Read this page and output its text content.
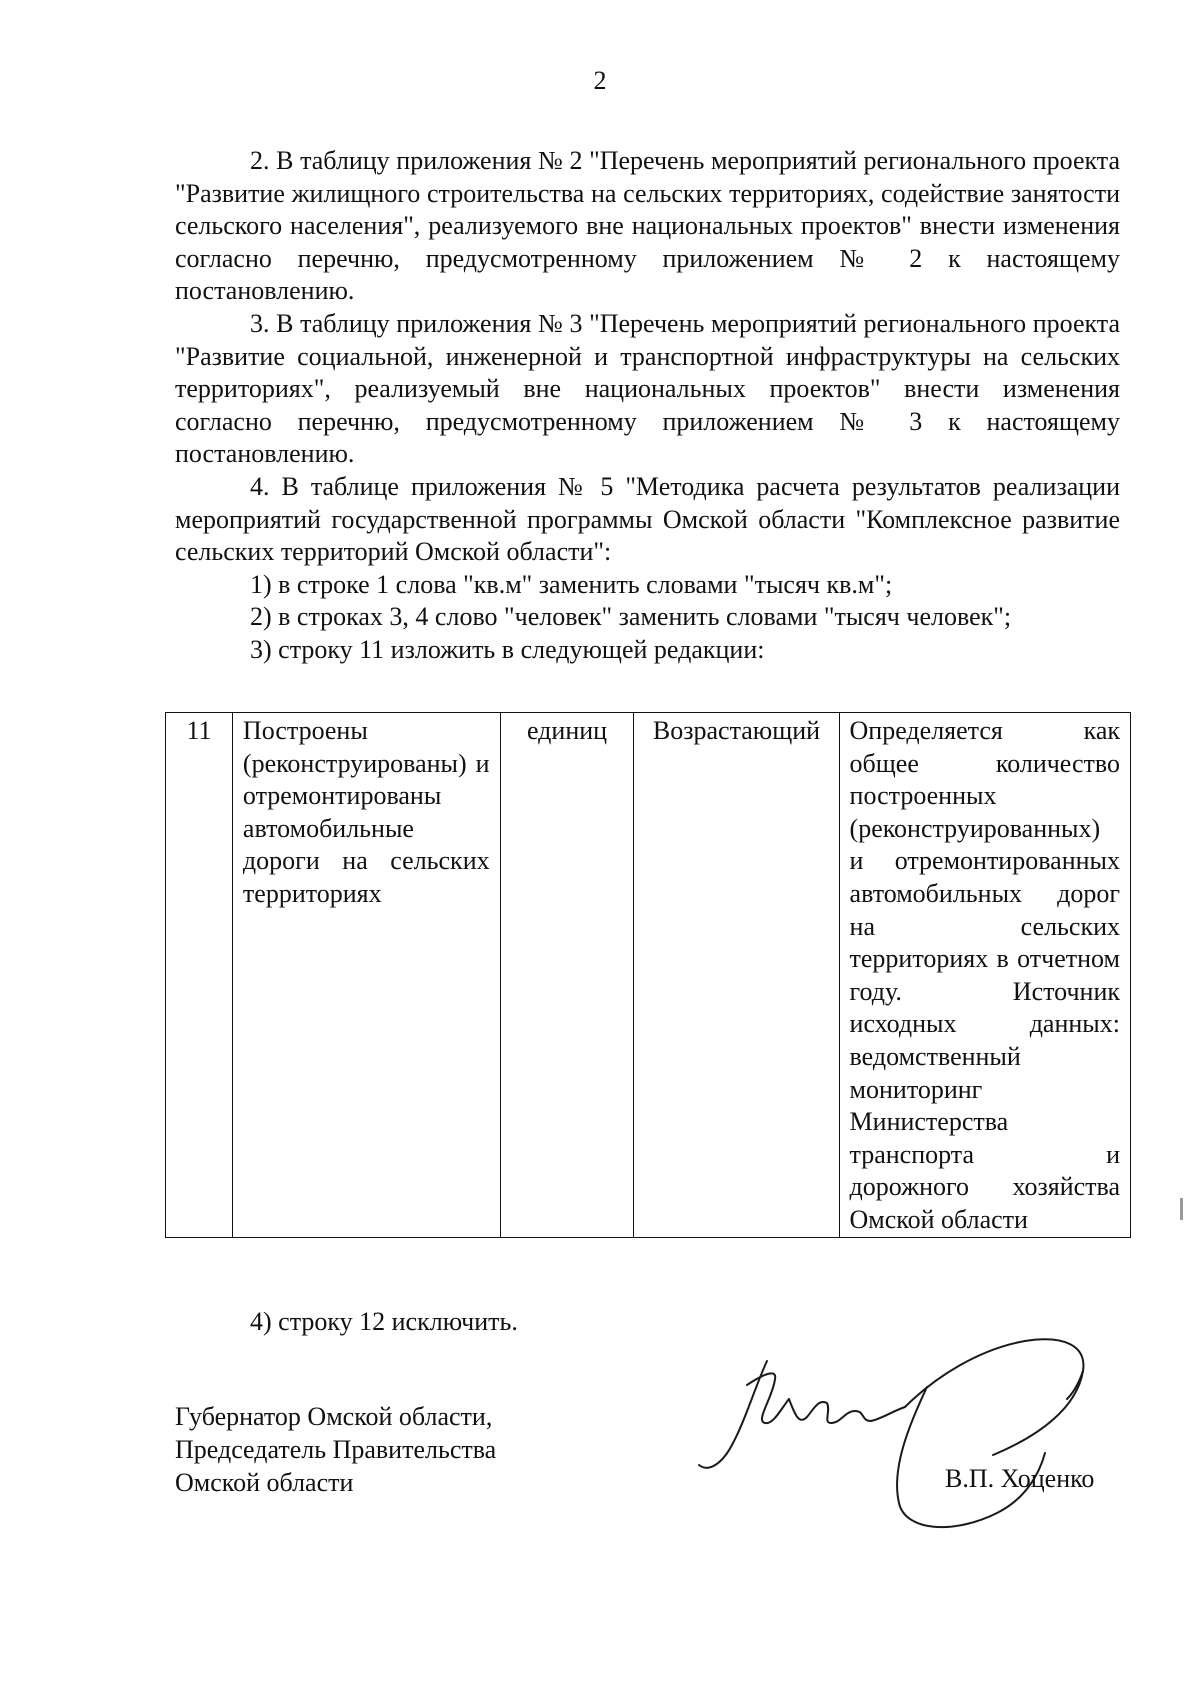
2

2. В таблицу приложения № 2 "Перечень мероприятий регионального проекта "Развитие жилищного строительства на сельских территориях, содействие занятости сельского населения", реализуемого вне национальных проектов" внести изменения согласно перечню, предусмотренному приложением № 2 к настоящему постановлению.

3. В таблицу приложения № 3 "Перечень мероприятий регионального проекта "Развитие социальной, инженерной и транспортной инфраструктуры на сельских территориях", реализуемый вне национальных проектов" внести изменения согласно перечню, предусмотренному приложением № 3 к настоящему постановлению.

4. В таблице приложения № 5 "Методика расчета результатов реализации мероприятий государственной программы Омской области "Комплексное развитие сельских территорий Омской области":

1) в строке 1 слова "кв.м" заменить словами "тысяч кв.м";

2) в строках 3, 4 слово "человек" заменить словами "тысяч человек";

3) строку 11 изложить в следующей редакции:

11	Построены (реконструированы) и отремонтированы автомобильные дороги на сельских территориях	единиц	Возрастающий	Определяется как общее количество построенных (реконструированных) и отремонтированных автомобильных дорог на сельских территориях в отчетном году. Источник исходных данных: ведомственный мониторинг Министерства транспорта и дорожного хозяйства Омской области
4) строку 12 исключить.
Губернатор Омской области,
Председатель Правительства
Омской области	В.П. Хоценко
